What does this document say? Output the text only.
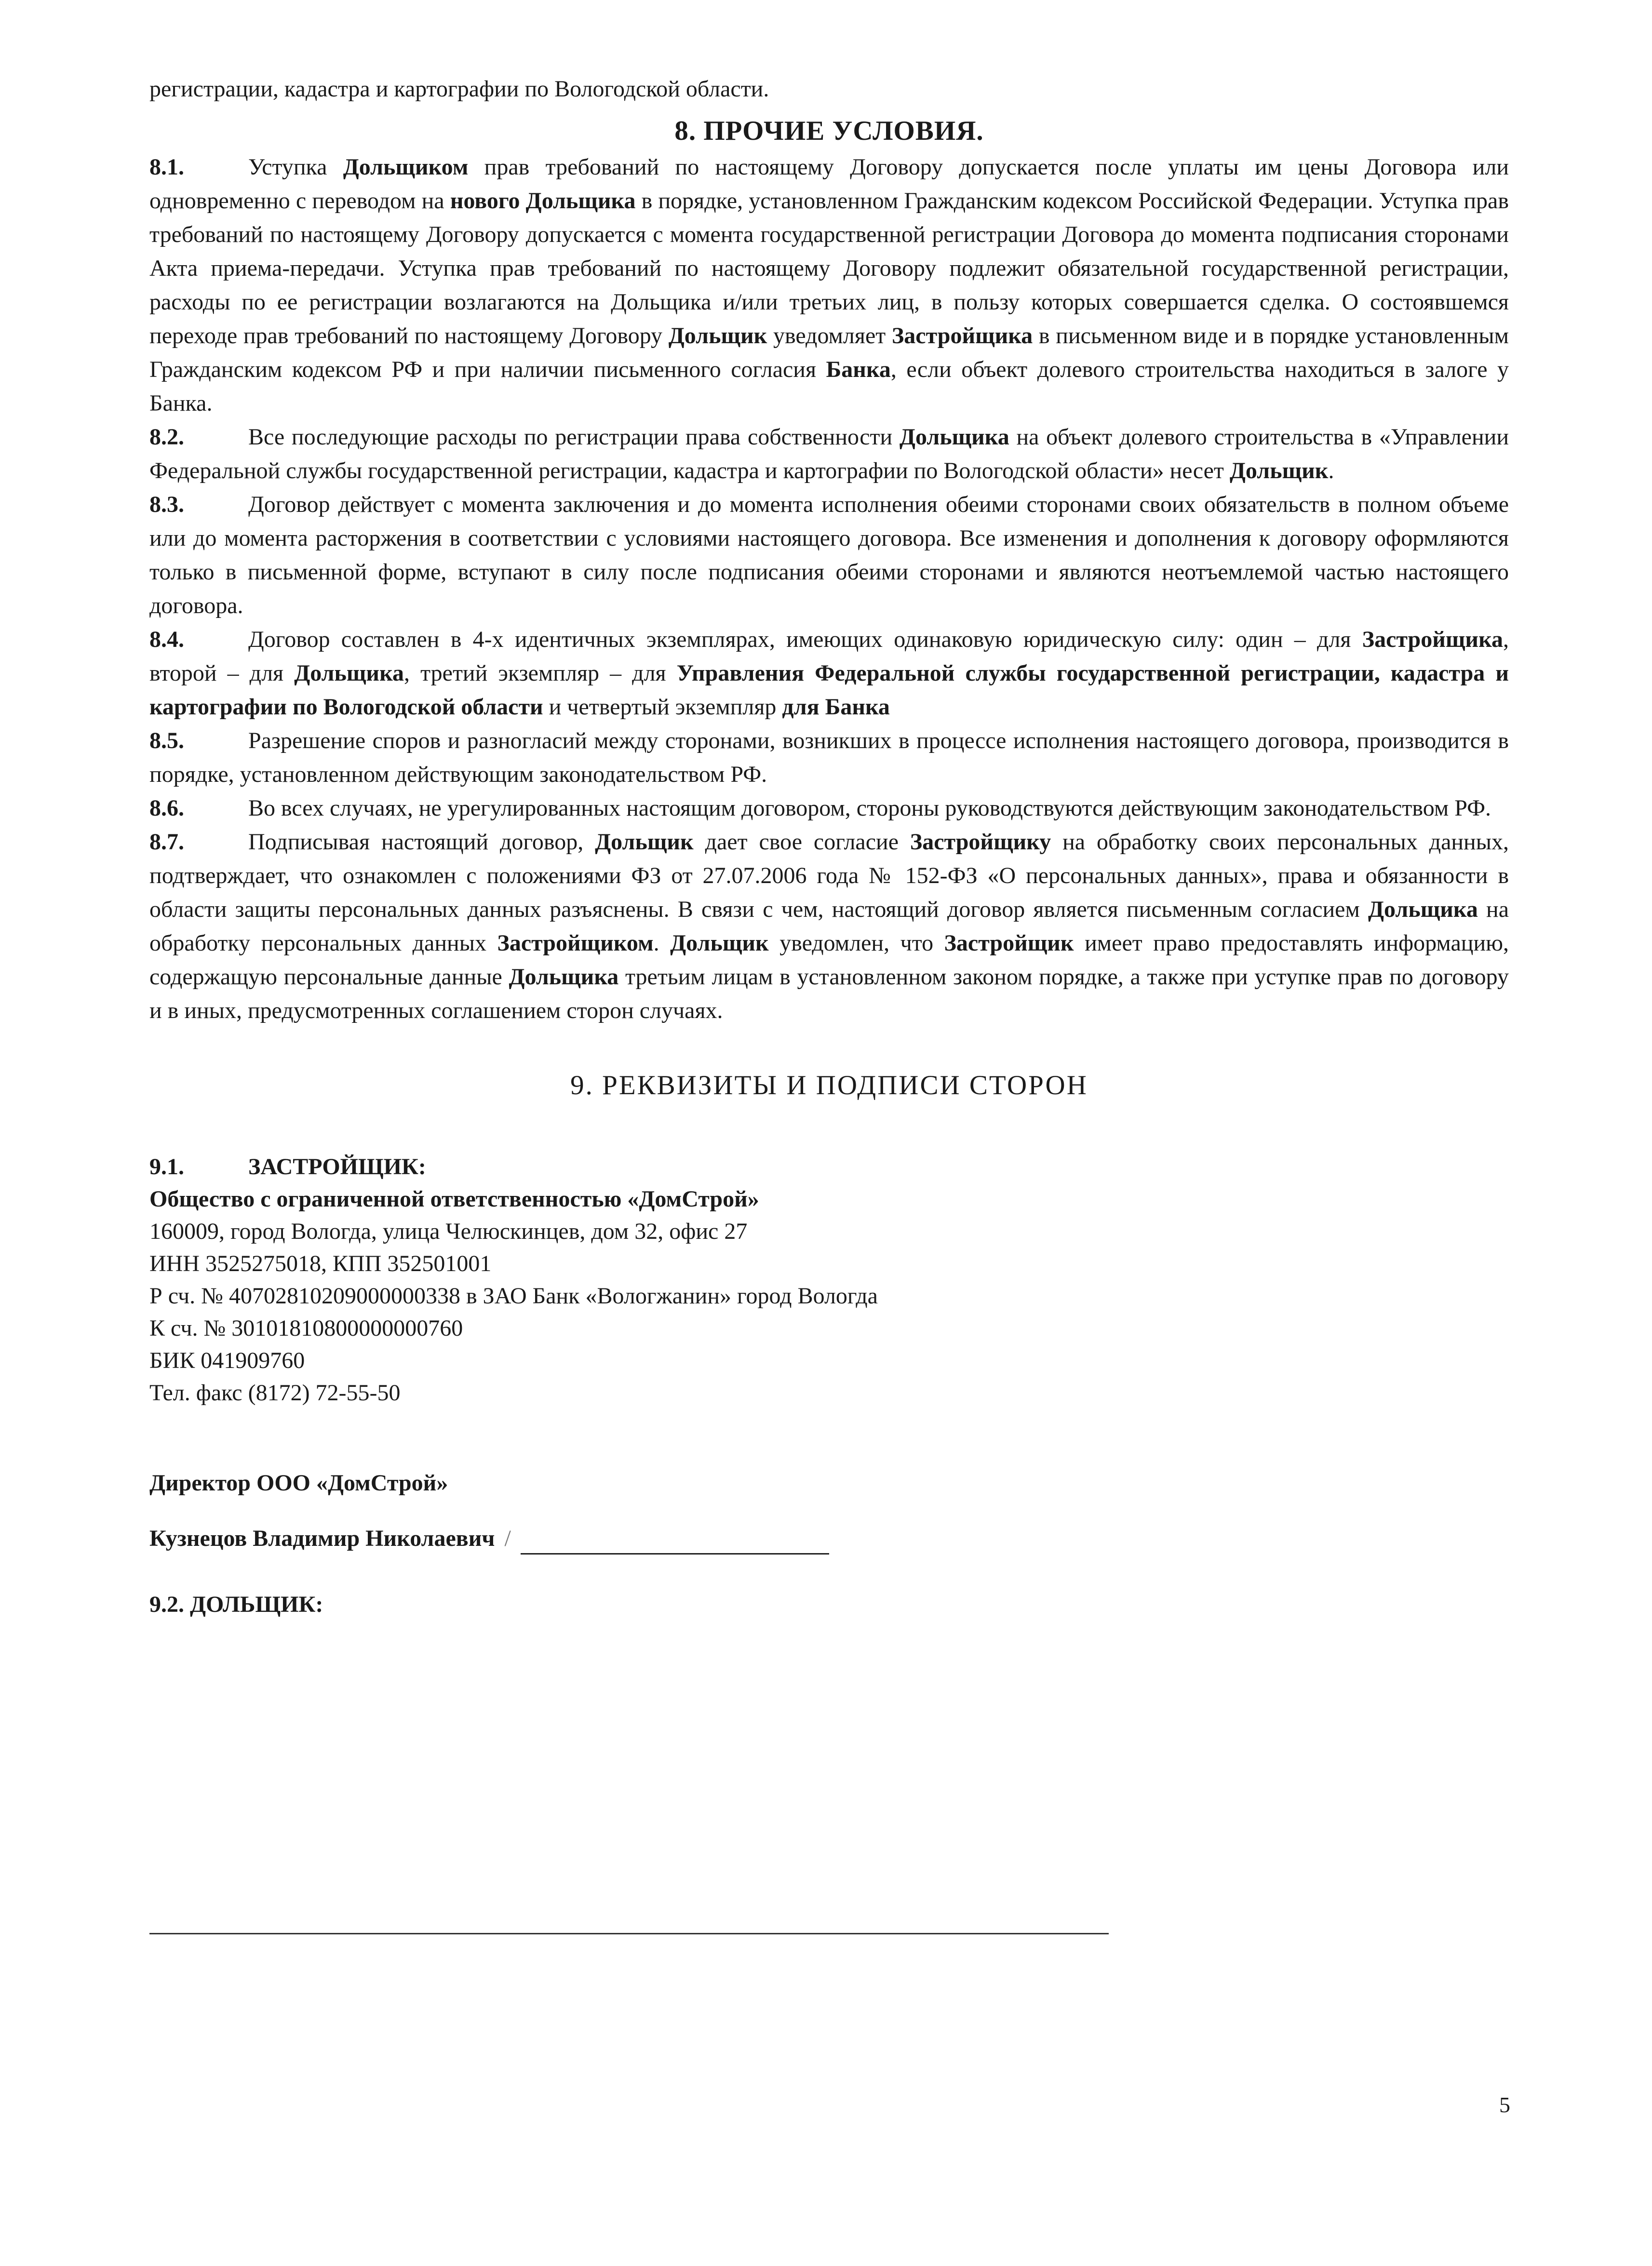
регистрации, кадастра и картографии по Вологодской области.

8. ПРОЧИЕ УСЛОВИЯ.

8.1.	Уступка Дольщиком прав требований по настоящему Договору допускается после уплаты им цены Договора или одновременно с переводом на нового Дольщика в порядке, установленном Гражданским кодексом Российской Федерации. Уступка прав требований по настоящему Договору допускается с момента государственной регистрации Договора до момента подписания сторонами Акта приема-передачи. Уступка прав требований по настоящему Договору подлежит обязательной государственной регистрации, расходы по ее регистрации возлагаются на Дольщика и/или третьих лиц, в пользу которых совершается сделка. О состоявшемся переходе прав требований по настоящему Договору Дольщик уведомляет Застройщика в письменном виде и в порядке установленным Гражданским кодексом РФ и при наличии письменного согласия Банка, если объект долевого строительства находиться в залоге у Банка.

8.2.	Все последующие расходы по регистрации права собственности Дольщика на объект долевого строительства в «Управлении Федеральной службы государственной регистрации, кадастра и картографии по Вологодской области» несет Дольщик.

8.3.	Договор действует с момента заключения и до момента исполнения обеими сторонами своих обязательств в полном объеме или до момента расторжения в соответствии с условиями настоящего договора. Все изменения и дополнения к договору оформляются только в письменной форме, вступают в силу после подписания обеими сторонами и являются неотъемлемой частью настоящего договора.

8.4.	Договор составлен в 4-х идентичных экземплярах, имеющих одинаковую юридическую силу: один – для Застройщика, второй – для Дольщика, третий экземпляр – для Управления Федеральной службы государственной регистрации, кадастра и картографии по Вологодской области и четвертый экземпляр для Банка

8.5.	Разрешение споров и разногласий между сторонами, возникших в процессе исполнения настоящего договора, производится в порядке, установленном действующим законодательством РФ.

8.6.	Во всех случаях, не урегулированных настоящим договором, стороны руководствуются действующим законодательством РФ.

8.7.	Подписывая настоящий договор, Дольщик дает свое согласие Застройщику на обработку своих персональных данных, подтверждает, что ознакомлен с положениями ФЗ от 27.07.2006 года № 152-ФЗ «О персональных данных», права и обязанности в области защиты персональных данных разъяснены. В связи с чем, настоящий договор является письменным согласием Дольщика на обработку персональных данных Застройщиком. Дольщик уведомлен, что Застройщик имеет право предоставлять информацию, содержащую персональные данные Дольщика третьим лицам в установленном законом порядке, а также при уступке прав по договору и в иных, предусмотренных соглашением сторон случаях.

9. РЕКВИЗИТЫ И ПОДПИСИ СТОРОН

9.1.	ЗАСТРОЙЩИК:

Общество с ограниченной ответственностью «ДомСтрой»

160009, город Вологда, улица Челюскинцев, дом 32, офис 27

ИНН 3525275018, КПП 352501001

Р сч. № 40702810209000000338 в ЗАО Банк «Вологжанин» город Вологда

К сч. № 30101810800000000760

БИК 041909760

Тел. факс (8172) 72-55-50

Директор ООО «ДомСтрой»

Кузнецов Владимир Николаевич /

9.2. ДОЛЬЩИК:

5
